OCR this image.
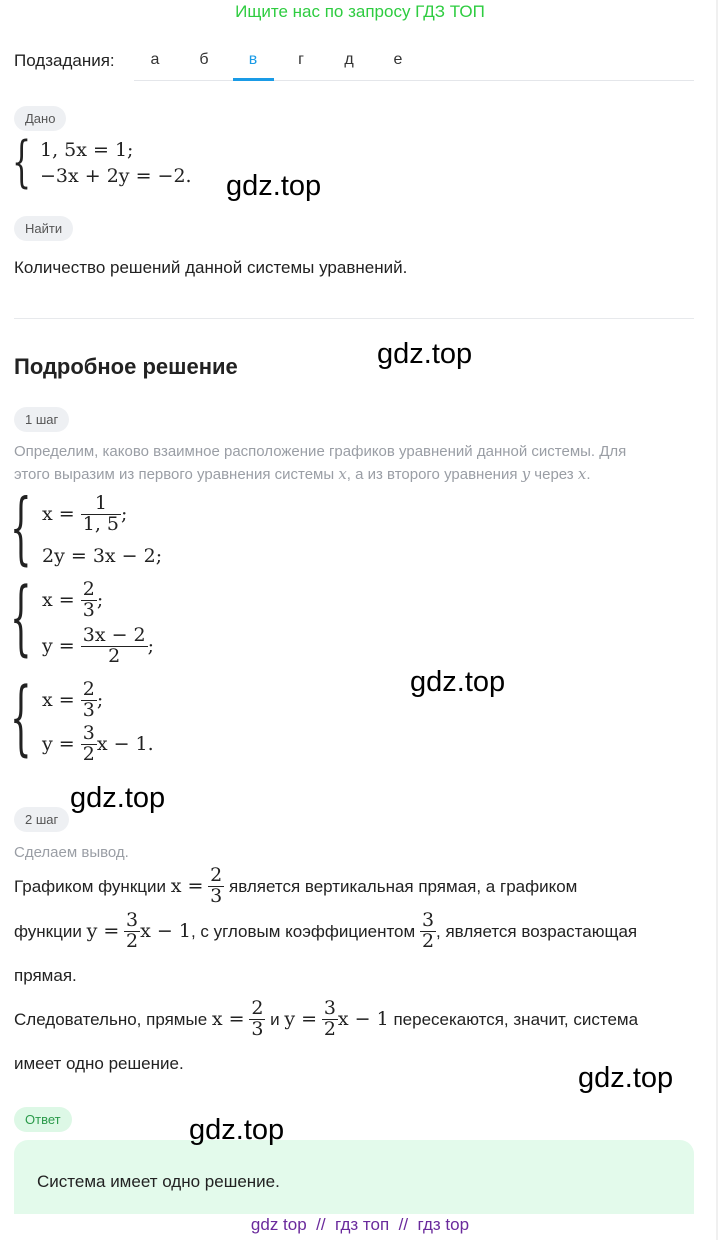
Ищите нас по запросу ГДЗ ТОП
Подзадания:	а	б	в	г	д	е
Дано
{ 1, 5x = 1;
−3x + 2y = −2.
Найти
Количество решений данной системы уравнений.
Подробное решение
1 шаг
Определим, каково взаимное расположение графиков уравнений данной системы. Для
этого выразим из первого уравнения системы x, а из второго уравнения y через x.
{ x =
$\frac{1}{1, 5}$ ;
2y = 3x − 2;
{ x =
$\frac{2}{3}$ ;
y =
$\frac{3x - 2}{2}$ ;
{ x =
$\frac{2}{3}$ ;
y =
$\frac{3}{2}$ x − 1.
2 шаг
Сделаем вывод.
Графиком функции
x =
$\frac{2}{3}$
является вертикальная прямая, а графиком
функции
y =
$\frac{3}{2}$ x − 1 , с угловым коэффициентом
$\frac{3}{2}$ , является возрастающая
прямая.
Следовательно, прямые
x =
$\frac{2}{3}$
и
y =
$\frac{3}{2}$ x − 1
пересекаются, значит, система
имеет одно решение.
Ответ
Система имеет одно решение.
gdz.top
gdz.top
gdz.top
gdz.top
gdz.top
gdz.top
gdz top // гдз топ // гдз top
